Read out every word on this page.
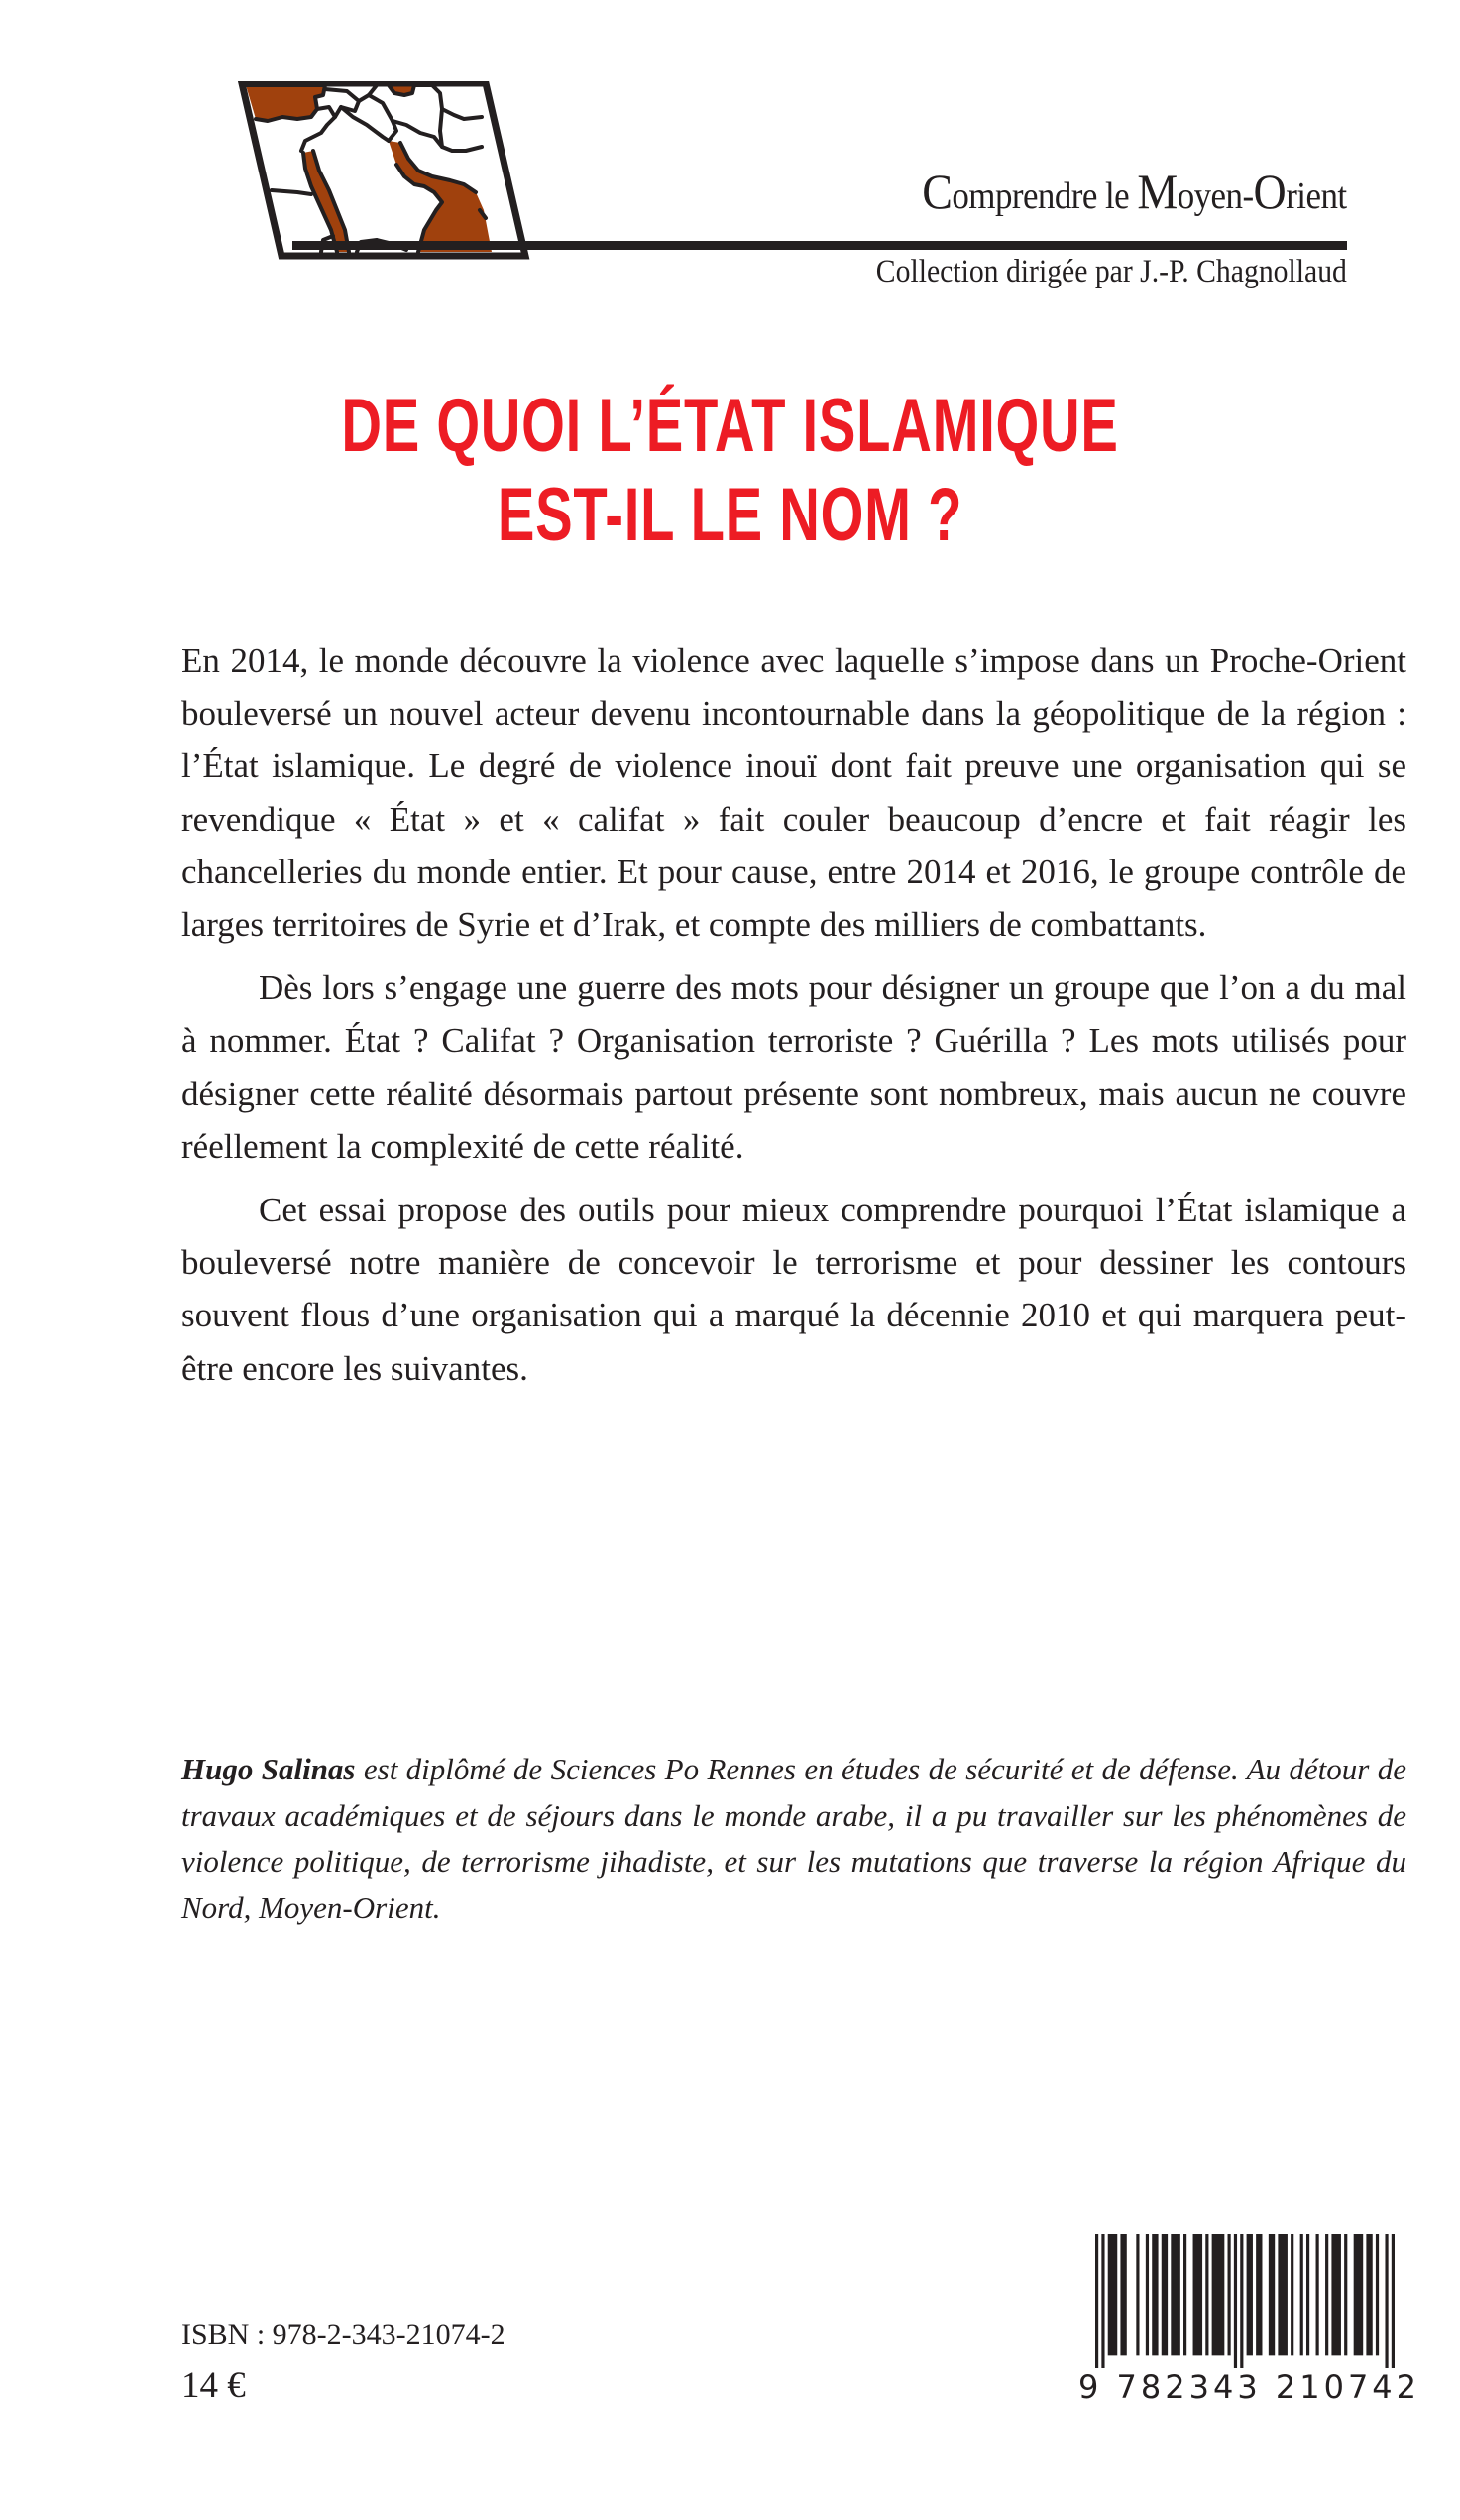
Comprendre le Moyen-Orient
Collection dirigée par J.-P. Chagnollaud
DE QUOI L’ÉTAT ISLAMIQUE
EST-IL LE NOM ?

En 2014, le monde découvre la violence avec laquelle s’impose dans un Proche-Orient bouleversé un nouvel acteur devenu incontournable dans la géopolitique de la région : l’État islamique. Le degré de violence inouï dont fait preuve une organisation qui se revendique « État » et « califat » fait couler beaucoup d’encre et fait réagir les chancelleries du monde entier. Et pour cause, entre 2014 et 2016, le groupe contrôle de larges territoires de Syrie et d’Irak, et compte des milliers de combattants.

Dès lors s’engage une guerre des mots pour désigner un groupe que l’on a du mal à nommer. État ? Califat ? Organisation terroriste ? Guérilla ? Les mots utilisés pour désigner cette réalité désormais partout présente sont nombreux, mais aucun ne couvre réellement la complexité de cette réalité.

Cet essai propose des outils pour mieux comprendre pourquoi l’État islamique a bouleversé notre manière de concevoir le terrorisme et pour dessiner les contours souvent flous d’une organisation qui a marqué la décennie 2010 et qui marquera peut-être encore les suivantes.

Hugo Salinas est diplômé de Sciences Po Rennes en études de sécurité et de défense. Au détour de travaux académiques et de séjours dans le monde arabe, il a pu travailler sur les phénomènes de violence politique, de terrorisme jihadiste, et sur les mutations que traverse la région Afrique du Nord, Moyen-Orient.
ISBN : 978-2-343-21074-2
14 €	9 782343 210742
